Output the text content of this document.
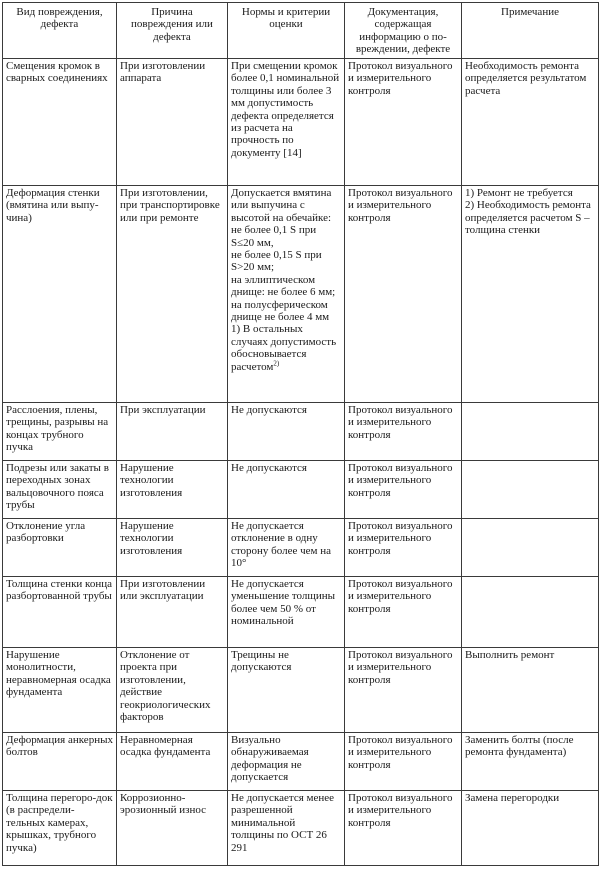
Вид повреждения, дефекта	Причина повреждения или дефекта	Нормы и критерии оценки	Документация, содержащая информацию о по-вреждении, дефекте	Примечание
Смещения кромок в сварных соединениях	При изготовлении аппарата	При смещении кромок более 0,1 номинальной толщины или более 3 мм допустимость дефекта определяется из расчета на прочность по документу [14]	Протокол визуального и измерительного контроля	Необходимость ремонта определяется результатом расчета

Деформация стенки (вмятина или выпу-чина)	При изготовлении, при транспортировке или при ремонте	Допускается вмятина или выпучина с высотой на обечайке: не более 0,1 S при S≤20 мм,
не более 0,15 S при S>20 мм;
на эллиптическом днище: не более 6 мм;
на полусферическом днище не более 4 мм
1) В остальных случаях допустимость обосновывается расчетом$^{2)}$	Протокол визуального и измерительного контроля	1) Ремонт не требуется
2) Необходимость ремонта определяется расчетом S – толщина стенки

Расслоения, плены, трещины, разрывы на концах трубного пучка	При эксплуатации	Не допускаются	Протокол визуального и измерительного контроля	
Подрезы или закаты в переходных зонах вальцовочного пояса трубы	Нарушение технологии изготовления	Не допускаются	Протокол визуального и измерительного контроля	
Отклонение угла разбортовки	Нарушение технологии изготовления	Не допускается отклонение в одну сторону более чем на 10°	Протокол визуального и измерительного контроля	
Толщина стенки конца разбортованной трубы	При изготовлении или эксплуатации	Не допускается уменьшение толщины более чем 50 % от номинальной	Протокол визуального и измерительного контроля	
Нарушение монолитности, неравномерная осадка фундамента	Отклонение от проекта при изготовлении, действие геокриологических факторов	Трещины не допускаются	Протокол визуального и измерительного контроля	Выполнить ремонт

Деформация анкерных болтов	Неравномерная осадка фундамента	Визуально обнаруживаемая деформация не допускается	Протокол визуального и измерительного контроля	Заменить болты (после ремонта фундамента)

Толщина перегоро-док (в распредели-тельных камерах, крышках, трубного пучка)	Коррозионно-эрозионный износ	Не допускается менее разрешенной минимальной толщины по ОСТ 26 291	Протокол визуального и измерительного контроля	Замена перегородки
